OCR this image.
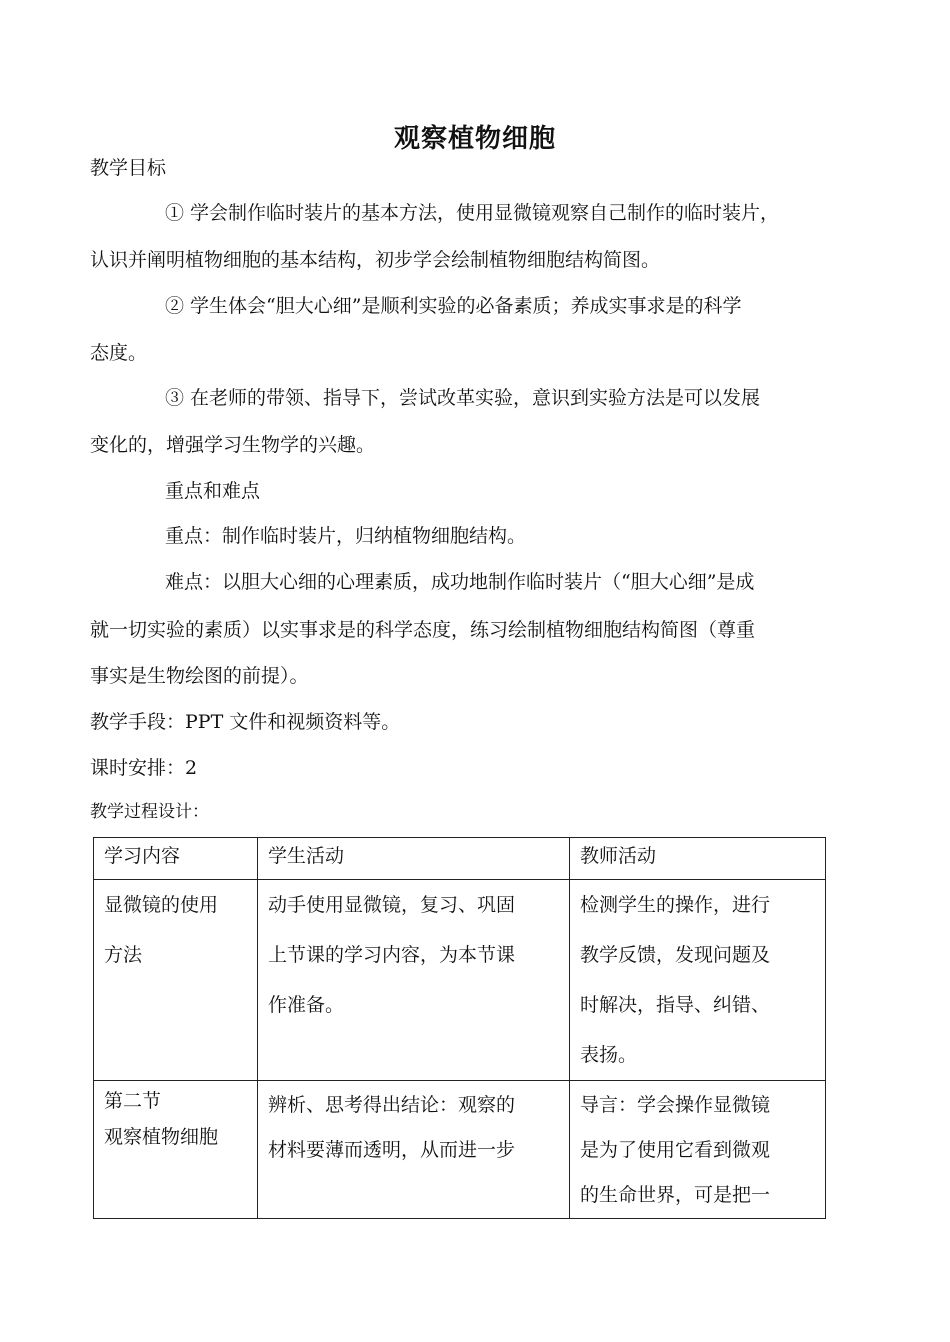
观察植物细胞
教学目标
① 学会制作临时装片的基本方法，使用显微镜观察自己制作的临时装片，
认识并阐明植物细胞的基本结构，初步学会绘制植物细胞结构简图。
② 学生体会“胆大心细”是顺利实验的必备素质；养成实事求是的科学
态度。
③ 在老师的带领、指导下，尝试改革实验，意识到实验方法是可以发展
变化的，增强学习生物学的兴趣。
重点和难点
重点：制作临时装片，归纳植物细胞结构。
难点：以胆大心细的心理素质，成功地制作临时装片（“胆大心细”是成
就一切实验的素质）以实事求是的科学态度，练习绘制植物细胞结构简图（尊重
事实是生物绘图的前提）。
教学手段：PPT 文件和视频资料等。
课时安排：2
教学过程设计：
学习内容	学生活动	教师活动

显微镜的使用
方法	动手使用显微镜，复习、巩固
上节课的学习内容，为本节课
作准备。	检测学生的操作，进行
教学反馈，发现问题及
时解决，指导、纠错、
表扬。

第二节
观察植物细胞	辨析、思考得出结论：观察的
材料要薄而透明，从而进一步	导言：学会操作显微镜
是为了使用它看到微观
的生命世界，可是把一
